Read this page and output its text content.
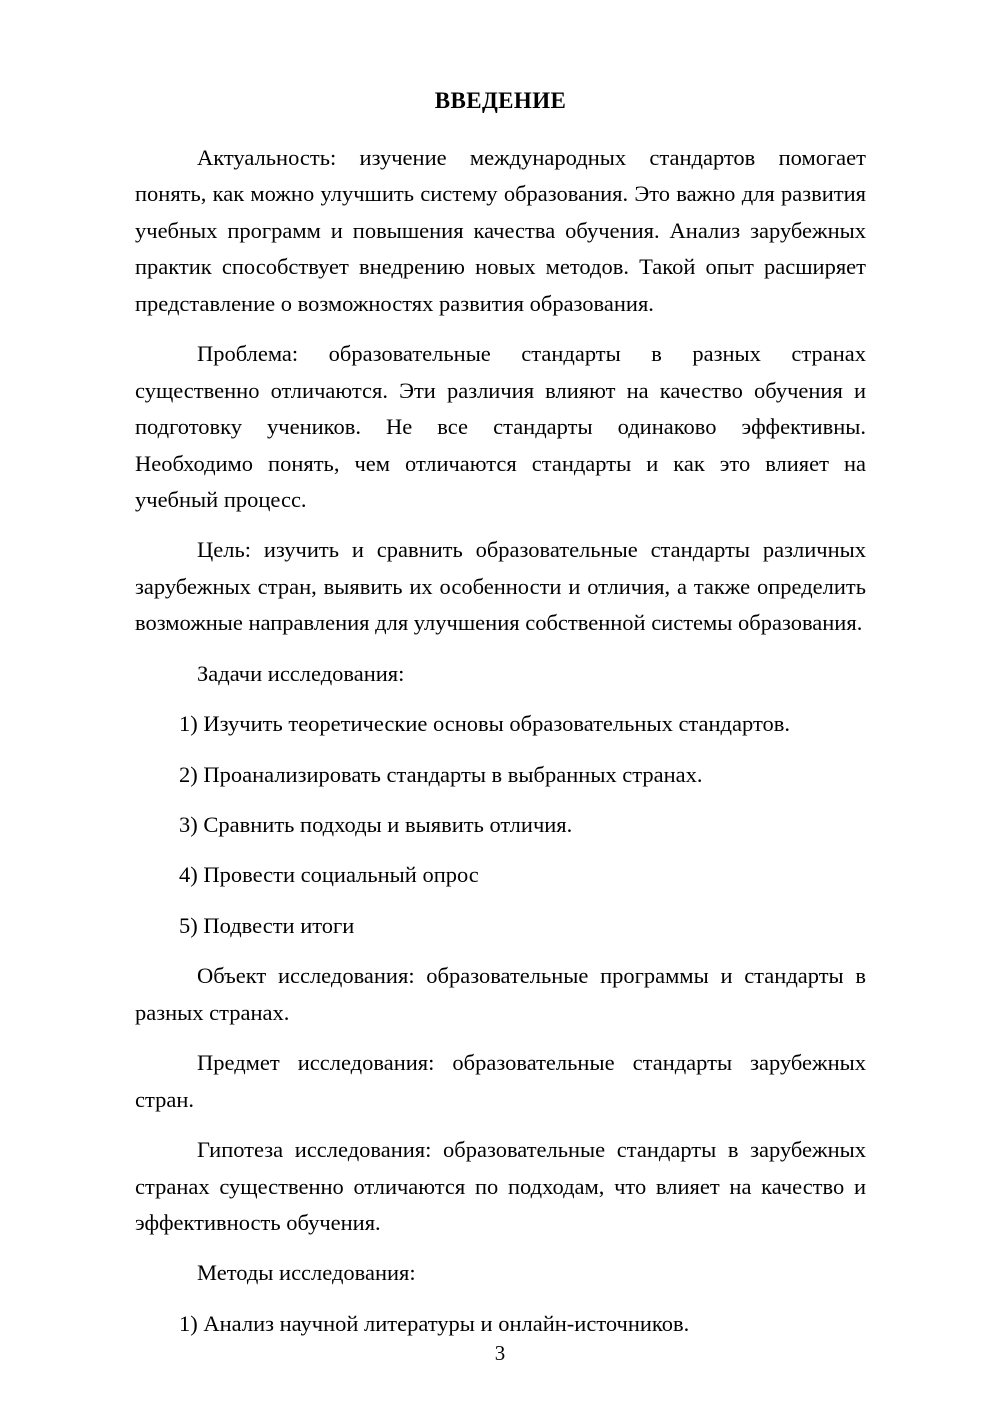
ВВЕДЕНИЕ

Актуальность: изучение международных стандартов помогает понять, как можно улучшить систему образования. Это важно для развития учебных программ и повышения качества обучения. Анализ зарубежных практик способствует внедрению новых методов. Такой опыт расширяет представление о возможностях развития образования.

Проблема: образовательные стандарты в разных странах существенно отличаются. Эти различия влияют на качество обучения и подготовку учеников. Не все стандарты одинаково эффективны. Необходимо понять, чем отличаются стандарты и как это влияет на учебный процесс.

Цель: изучить и сравнить образовательные стандарты различных зарубежных стран, выявить их особенности и отличия, а также определить возможные направления для улучшения собственной системы образования.

Задачи исследования:

1) Изучить теоретические основы образовательных стандартов.

2) Проанализировать стандарты в выбранных странах.

3) Сравнить подходы и выявить отличия.

4) Провести социальный опрос

5) Подвести итоги

Объект исследования: образовательные программы и стандарты в разных странах.

Предмет исследования: образовательные стандарты зарубежных стран.

Гипотеза исследования: образовательные стандарты в зарубежных странах существенно отличаются по подходам, что влияет на качество и эффективность обучения.

Методы исследования:

1) Анализ научной литературы и онлайн-источников.

3
